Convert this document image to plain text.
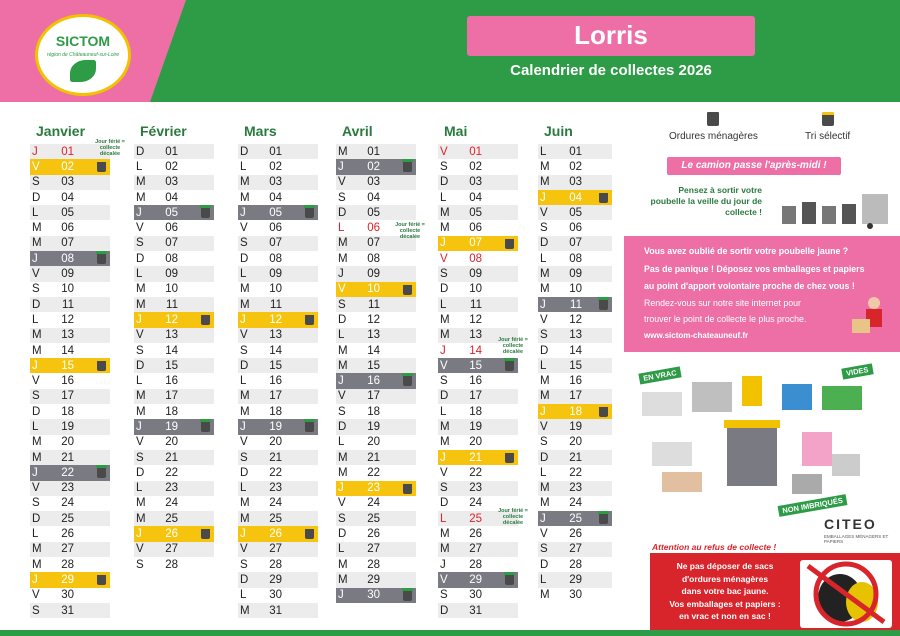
SICTOM
région de Châteauneuf-sur-Loire
Lorris
Calendrier de collectes 2026
Janvier
J	01
V	02
S	03
D	04
L	05
M	06
M	07
J	08
V	09
S	10
D	11
L	12
M	13
M	14
J	15
V	16
S	17
D	18
L	19
M	20
M	21
J	22
V	23
S	24
D	25
L	26
M	27
M	28
J	29
V	30
S	31
Février
D	01
L	02
M	03
M	04
J	05
V	06
S	07
D	08
L	09
M	10
M	11
J	12
V	13
S	14
D	15
L	16
M	17
M	18
J	19
V	20
S	21
D	22
L	23
M	24
M	25
J	26
V	27
S	28
Mars
D	01
L	02
M	03
M	04
J	05
V	06
S	07
D	08
L	09
M	10
M	11
J	12
V	13
S	14
D	15
L	16
M	17
M	18
J	19
V	20
S	21
D	22
L	23
M	24
M	25
J	26
V	27
S	28
D	29
L	30
M	31
Avril
M	01
J	02
V	03
S	04
D	05
L	06
M	07
M	08
J	09
V	10
S	11
D	12
L	13
M	14
M	15
J	16
V	17
S	18
D	19
L	20
M	21
M	22
J	23
V	24
S	25
D	26
L	27
M	28
M	29
J	30
Mai
V	01
S	02
D	03
L	04
M	05
M	06
J	07
V	08
S	09
D	10
L	11
M	12
M	13
J	14
V	15
S	16
D	17
L	18
M	19
M	20
J	21
V	22
S	23
D	24
L	25
M	26
M	27
J	28
V	29
S	30
D	31
Juin
L	01
M	02
M	03
J	04
V	05
S	06
D	07
L	08
M	09
M	10
J	11
V	12
S	13
D	14
L	15
M	16
M	17
J	18
V	19
S	20
D	21
L	22
M	23
M	24
J	25
V	26
S	27
D	28
L	29
M	30
Jour férié = collecte décalée
Jour férié = collecte décalée
Jour férié = collecte décalée
Jour férié = collecte décalée
Ordures ménagères	Tri sélectif
Le camion passe l'après-midi !
Pensez à sortir votre poubelle la veille du jour de collecte !
Vous avez oublié de sortir votre poubelle jaune ?
Pas de panique ! Déposez vos emballages et papiers
au point d'apport volontaire proche de chez vous !
Rendez-vous sur notre site internet pour
trouver le point de collecte le plus proche.
www.sictom-chateauneuf.fr
EN VRAC	VIDES
NON IMBRIQUÉS
CITEO
EMBALLAGES MÉNAGERS ET PAPIERS
Attention au refus de collecte !
Ne pas déposer de sacs
d'ordures ménagères
dans votre bac jaune.
Vos emballages et papiers :
en vrac et non en sac !
